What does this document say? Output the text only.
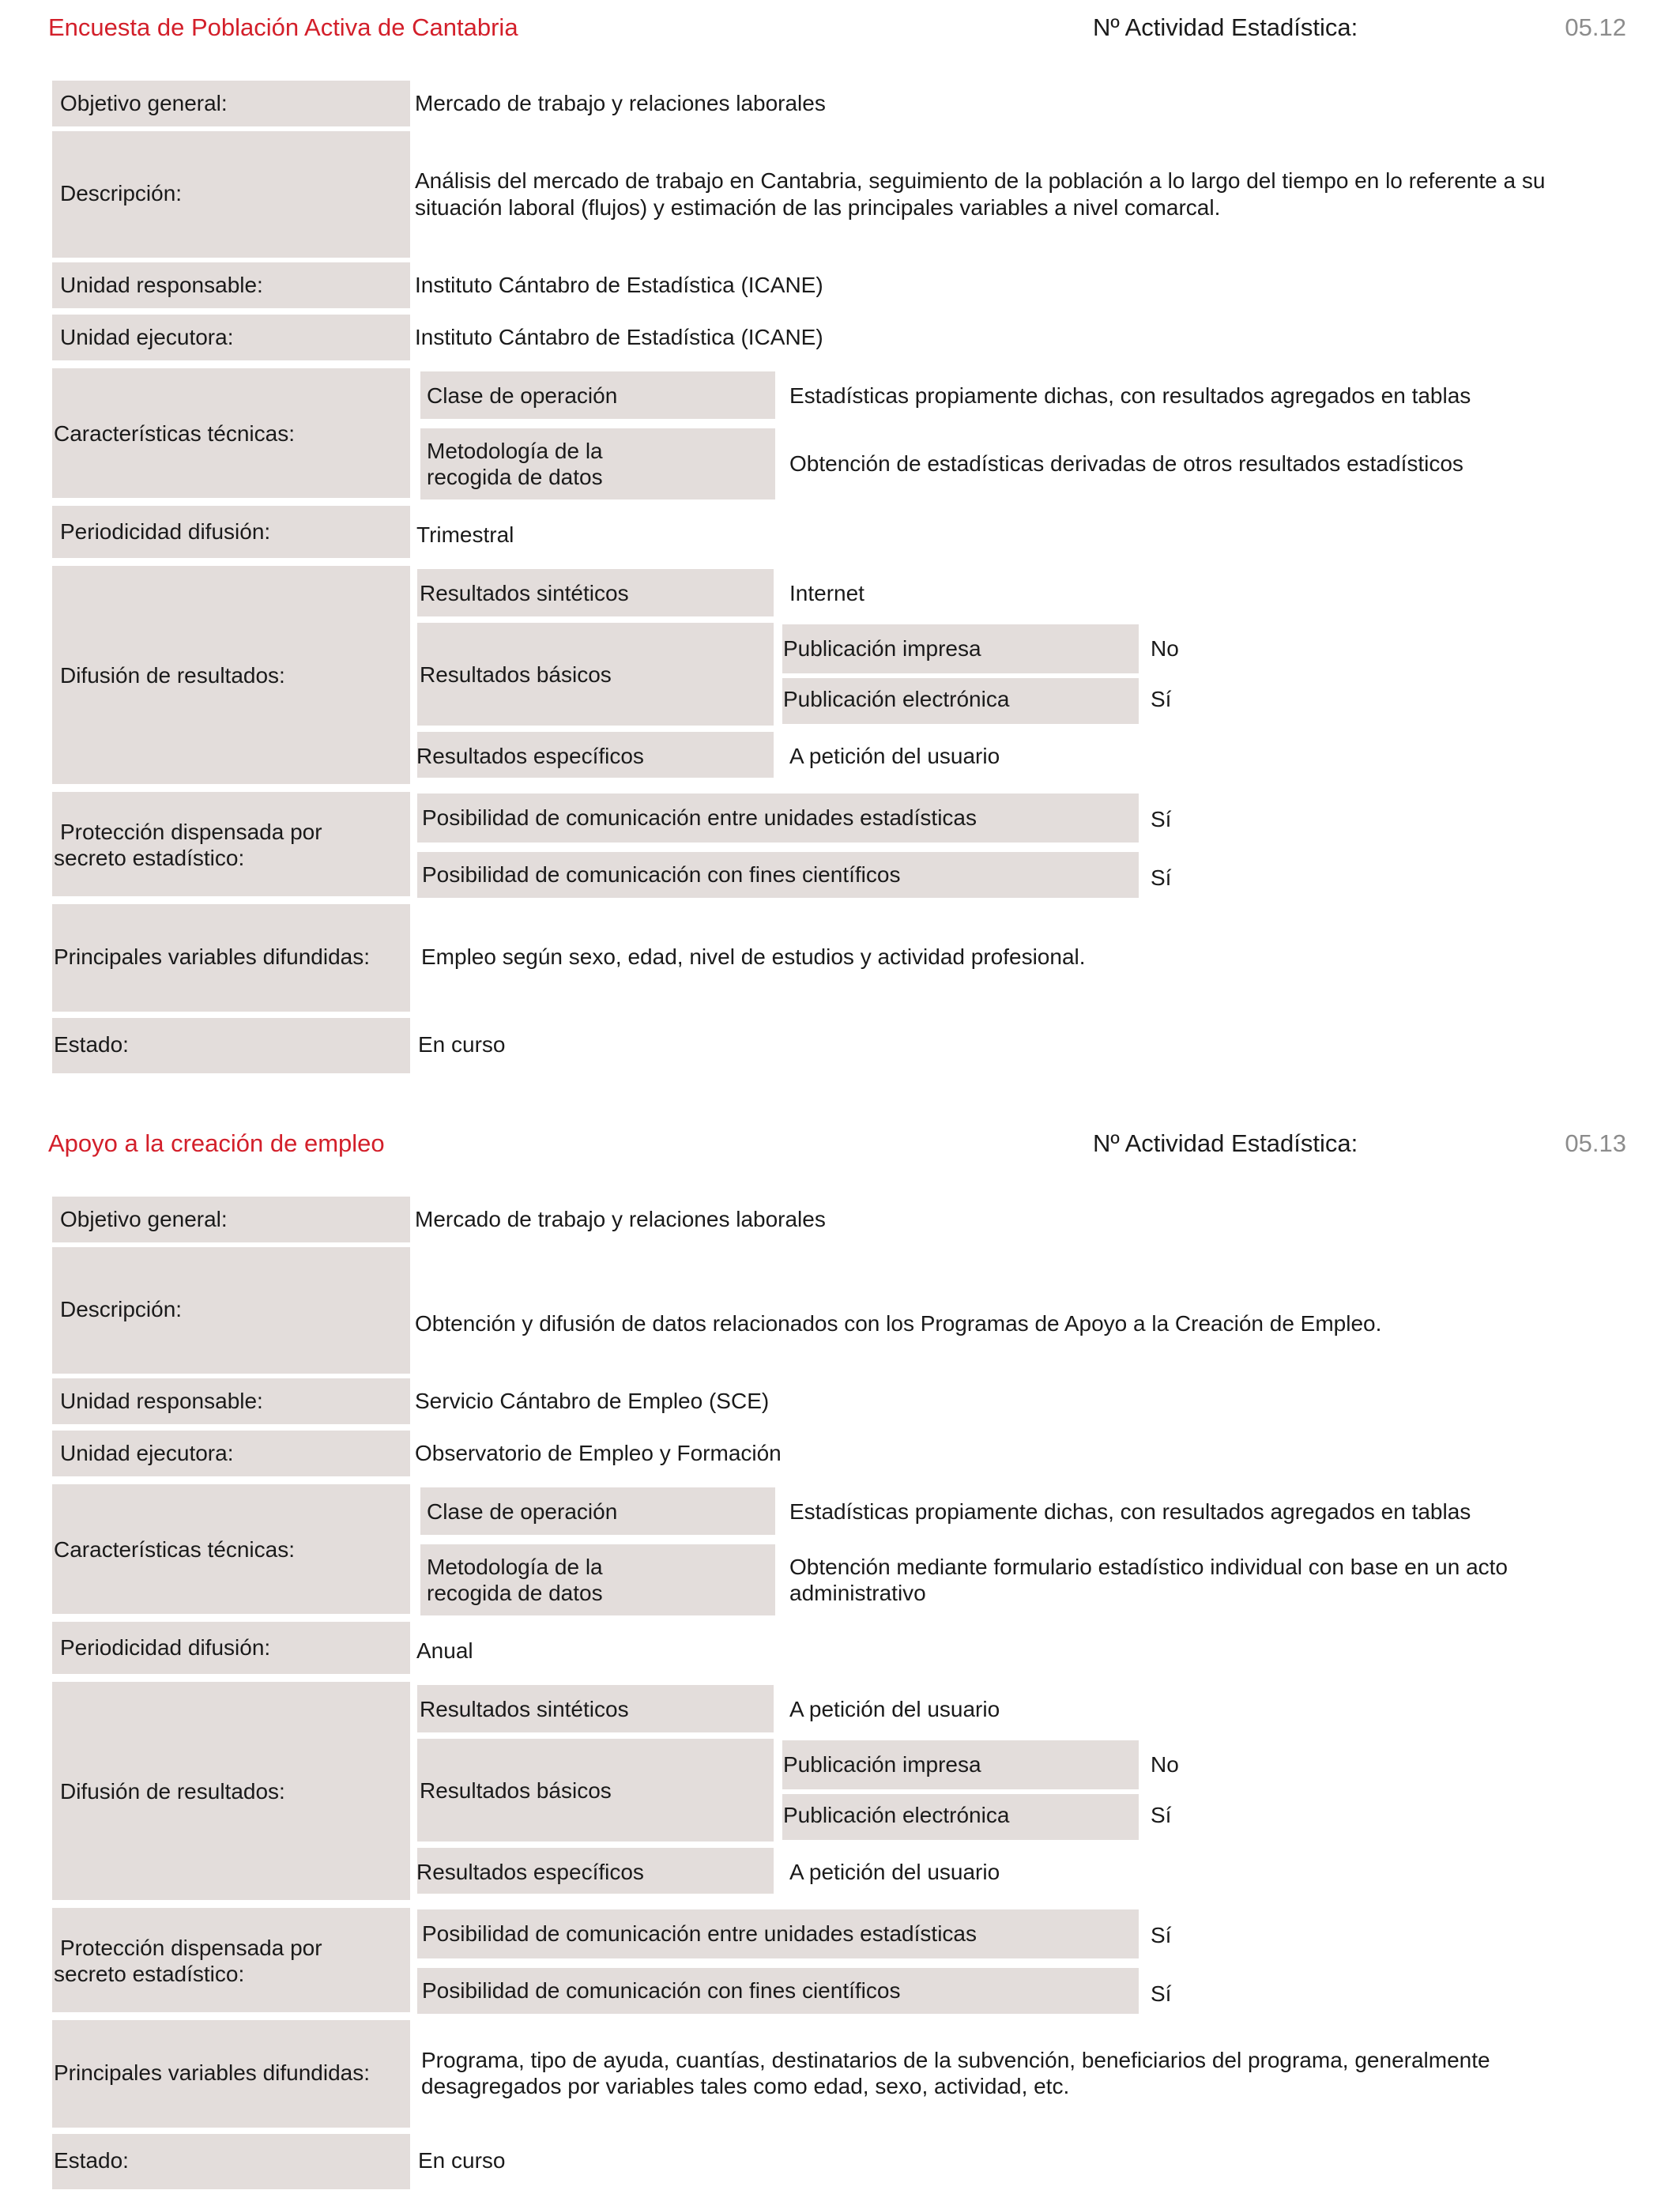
Encuesta de Población Activa de Cantabria	Nº Actividad Estadística:	05.12
Objetivo general:	Mercado de trabajo y relaciones laborales
Descripción:
Análisis del mercado de trabajo en Cantabria, seguimiento de la población a lo largo del tiempo en lo referente a su
situación laboral (flujos) y estimación de las principales variables a nivel comarcal.
Unidad responsable:	Instituto Cántabro de Estadística (ICANE)
Unidad ejecutora:	Instituto Cántabro de Estadística (ICANE)
Características técnicas:
Clase de operación	Estadísticas propiamente dichas, con resultados agregados en tablas
Metodología de la
recogida de datos
Obtención de estadísticas derivadas de otros resultados estadísticos
Periodicidad difusión:	Trimestral
Difusión de resultados:
Resultados sintéticos	Internet
Resultados básicos
Publicación impresa	No
Publicación electrónica	Sí
Resultados específicos	A petición del usuario
Protección dispensada por
secreto estadístico:
Posibilidad de comunicación entre unidades estadísticas	Sí
Posibilidad de comunicación con fines científicos	Sí
Principales variables difundidas: Empleo según sexo, edad, nivel de estudios y actividad profesional.
Estado:	En curso
Apoyo a la creación de empleo	Nº Actividad Estadística:	05.13
Objetivo general:	Mercado de trabajo y relaciones laborales
Descripción:
Obtención y difusión de datos relacionados con los Programas de Apoyo a la Creación de Empleo.
Unidad responsable:	Servicio Cántabro de Empleo (SCE)
Unidad ejecutora:	Observatorio de Empleo y Formación
Características técnicas:
Clase de operación	Estadísticas propiamente dichas, con resultados agregados en tablas
Metodología de la
recogida de datos
Obtención mediante formulario estadístico individual con base en un acto
administrativo
Periodicidad difusión:	Anual
Difusión de resultados:
Resultados sintéticos	A petición del usuario
Resultados básicos
Publicación impresa	No
Publicación electrónica	Sí
Resultados específicos	A petición del usuario
Protección dispensada por
secreto estadístico:
Posibilidad de comunicación entre unidades estadísticas	Sí
Posibilidad de comunicación con fines científicos	Sí
Principales variables difundidas:
Programa, tipo de ayuda, cuantías, destinatarios de la subvención, beneficiarios del programa, generalmente
desagregados por variables tales como edad, sexo, actividad, etc.
Estado:	En curso
